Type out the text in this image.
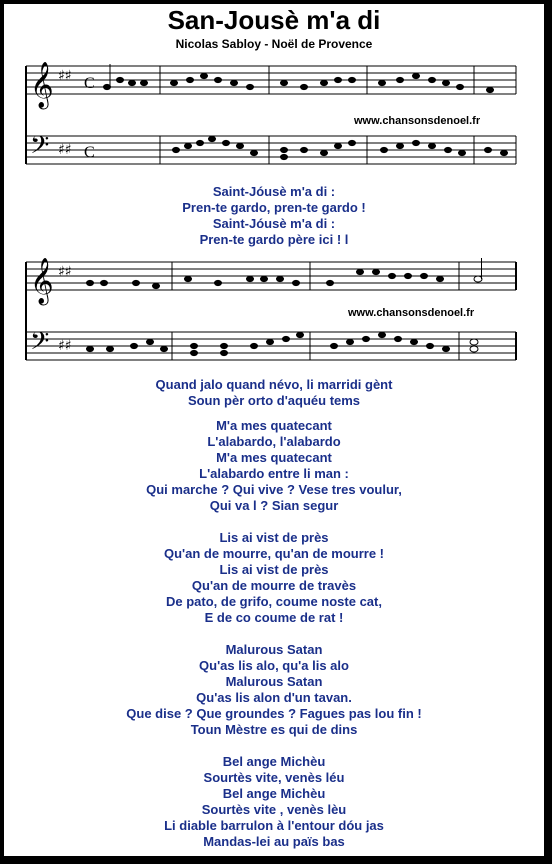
San-Jousè m'a di
Nicolas Sabloy - Noël de Provence
𝄞
𝄢
♯♯
♯♯
C
C
www.chansonsdenoel.fr
Saint-Jóusè m'a di :
Pren-te gardo, pren-te gardo !
Saint-Jóusè m'a di :
Pren-te gardo père ici ! l
𝄞
𝄢
♯♯
♯♯
www.chansonsdenoel.fr
Quand jalo quand névo, li marridi gènt
Soun pèr orto d'aquéu tems
M'a mes quatecant
L'alabardo, l'alabardo
M'a mes quatecant
L'alabardo entre li man :
Qui marche ? Qui vive ? Vese tres voulur,
Qui va l ? Sian segur
Lis ai vist de près
Qu'an de mourre, qu'an de mourre !
Lis ai vist de près
Qu'an de mourre de travès
De pato, de grifo, coume noste cat,
E de co coume de rat !
Malurous Satan
Qu'as lis alo, qu'a lis alo
Malurous Satan
Qu'as lis alon d'un tavan.
Que dise ? Que groundes ? Fagues pas lou fin !
Toun Mèstre es qui de dins
Bel ange Michèu
Sourtès vite, venès léu
Bel ange Michèu
Sourtès vite , venès lèu
Li diable barrulon à l'entour dóu jas
Mandas-lei au païs bas
